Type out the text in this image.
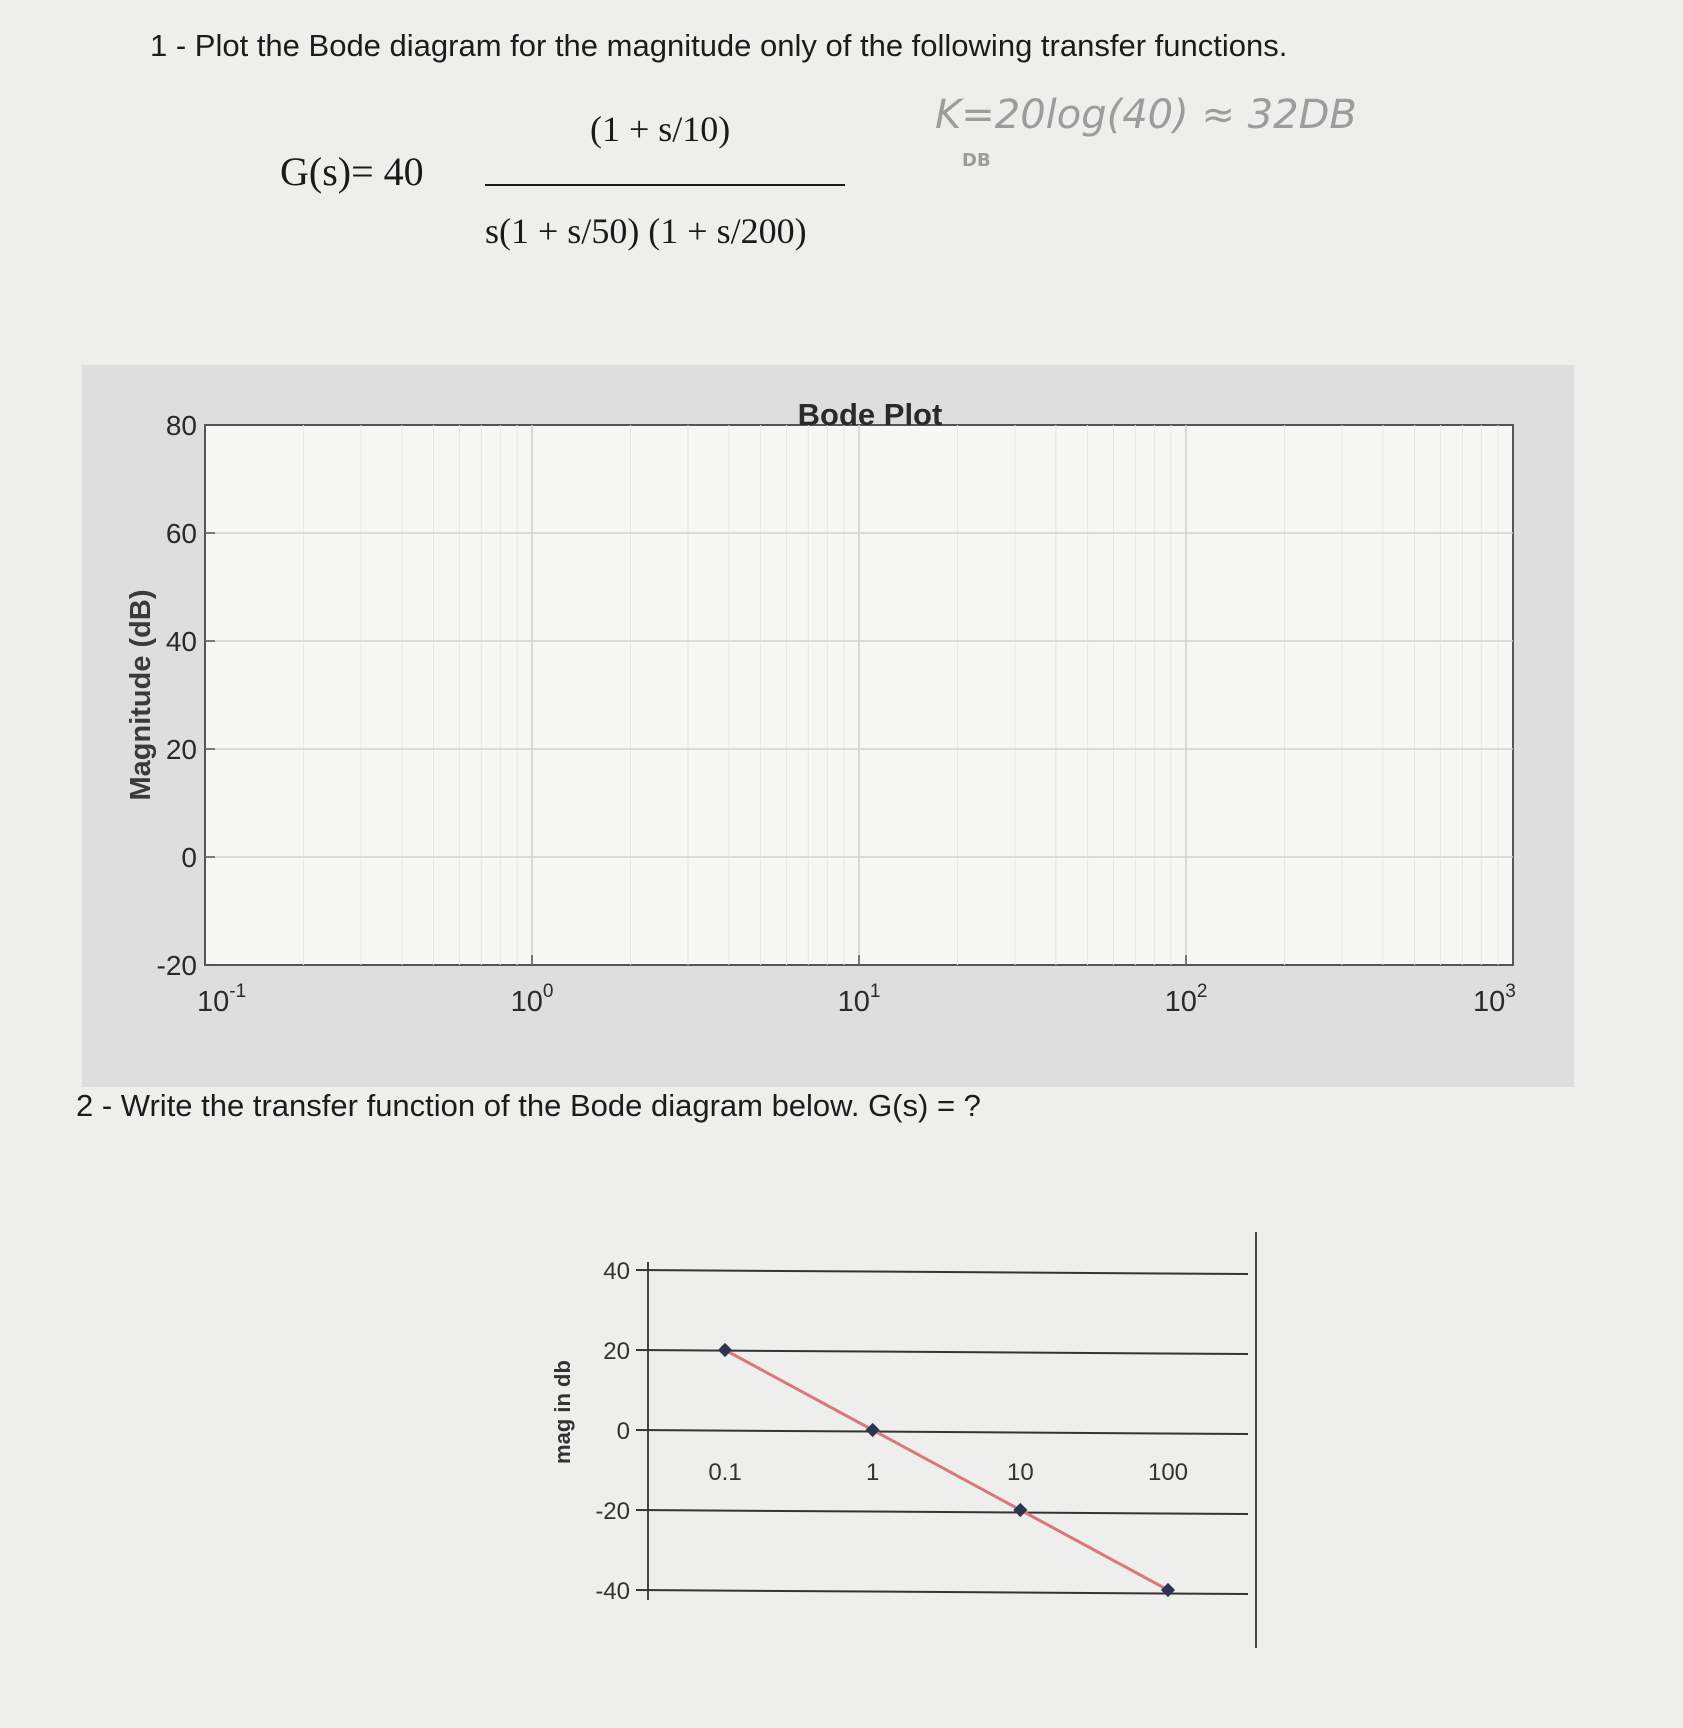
1 - Plot the Bode diagram for the magnitude only of the following transfer functions.
G(s)= 40
(1 + s/10)
s(1 + s/50) (1 + s/200)
K=20log(40) ≈ 32DB
DB
80
60
40
20
0
-20
$10^{-1}$	$10^0$	$10^1$	$10^2$	$10^3$
Bode Plot
Magnitude (dB)
2 - Write the transfer function of the Bode diagram below. G(s) = ?
40
20
0
-20
-40
0.1	1	10	100
mag in db
